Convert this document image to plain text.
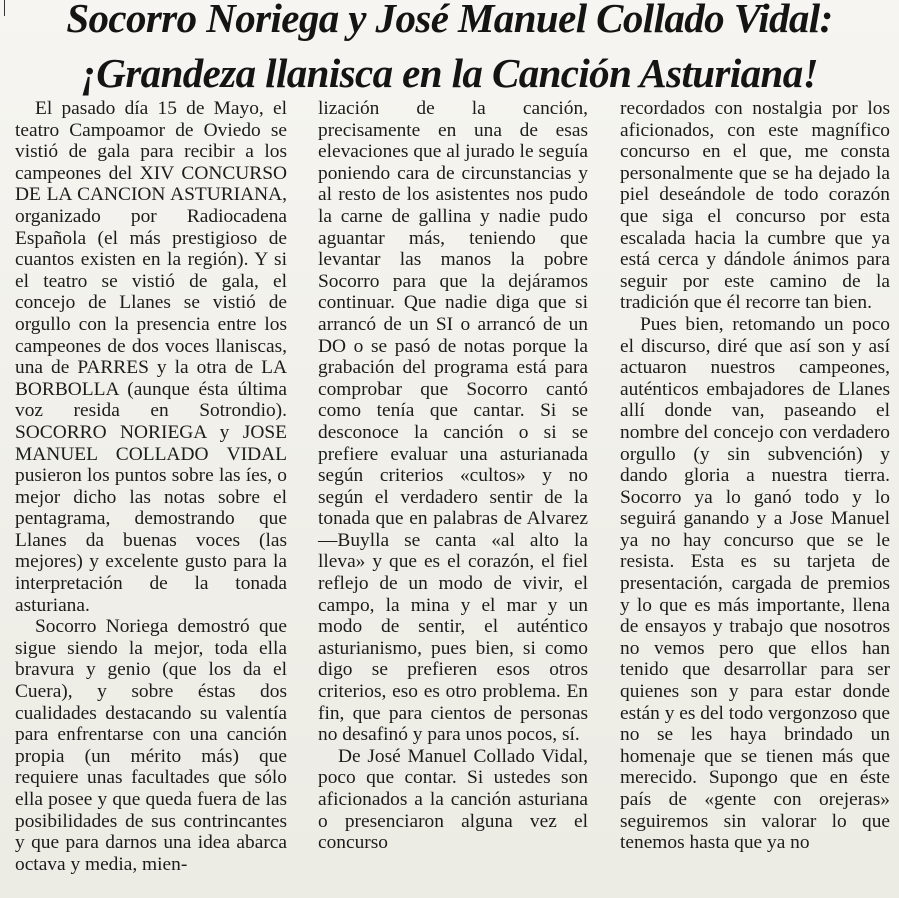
Socorro Noriega y José Manuel Collado Vidal:
¡Grandeza llanisca en la Canción Asturiana!

El pasado día 15 de Mayo, el teatro Campoamor de Oviedo se vistió de gala para recibir a los campeones del XIV CONCURSO DE LA CANCION ASTURIANA, organizado por Radiocadena Española (el más prestigioso de cuantos existen en la región). Y si el teatro se vistió de gala, el concejo de Llanes se vistió de orgullo con la presencia entre los campeones de dos voces llaniscas, una de PARRES y la otra de LA BORBOLLA (aunque ésta última voz resida en Sotrondio). SOCORRO NORIEGA y JOSE MANUEL COLLADO VIDAL pusieron los puntos sobre las íes, o mejor dicho las notas sobre el pentagrama, demostrando que Llanes da buenas voces (las mejores) y excelente gusto para la interpretación de la tonada asturiana.

Socorro Noriega demostró que sigue siendo la mejor, toda ella bravura y genio (que los da el Cuera), y sobre éstas dos cualidades destacando su valentía para enfrentarse con una canción propia (un mérito más) que requiere unas facultades que sólo ella posee y que queda fuera de las posibilidades de sus contrincantes y que para darnos una idea abarca octava y media, mien-

lización de la canción, precisamente en una de esas elevaciones que al jurado le seguía poniendo cara de circunstancias y al resto de los asistentes nos pudo la carne de gallina y nadie pudo aguantar más, teniendo que levantar las manos la pobre Socorro para que la dejáramos continuar. Que nadie diga que si arrancó de un SI o arrancó de un DO o se pasó de notas porque la grabación del programa está para comprobar que Socorro cantó como tenía que cantar. Si se desconoce la canción o si se prefiere evaluar una asturianada según criterios «cultos» y no según el verdadero sentir de la tonada que en palabras de Alvarez—Buylla se canta «al alto la lleva» y que es el corazón, el fiel reflejo de un modo de vivir, el campo, la mina y el mar y un modo de sentir, el auténtico asturianismo, pues bien, si como digo se prefieren esos otros criterios, eso es otro problema. En fin, que para cientos de personas no desafinó y para unos pocos, sí.

De José Manuel Collado Vidal, poco que contar. Si ustedes son aficionados a la canción asturiana o presenciaron alguna vez el concurso

recordados con nostalgia por los aficionados, con este magnífico concurso en el que, me consta personalmente que se ha dejado la piel deseándole de todo corazón que siga el concurso por esta escalada hacia la cumbre que ya está cerca y dándole ánimos para seguir por este camino de la tradición que él recorre tan bien.

Pues bien, retomando un poco el discurso, diré que así son y así actuaron nuestros campeones, auténticos embajadores de Llanes allí donde van, paseando el nombre del concejo con verdadero orgullo (y sin subvención) y dando gloria a nuestra tierra. Socorro ya lo ganó todo y lo seguirá ganando y a Jose Manuel ya no hay concurso que se le resista. Esta es su tarjeta de presentación, cargada de premios y lo que es más importante, llena de ensayos y trabajo que nosotros no vemos pero que ellos han tenido que desarrollar para ser quienes son y para estar donde están y es del todo vergonzoso que no se les haya brindado un homenaje que se tienen más que merecido. Supongo que en éste país de «gente con orejeras» seguiremos sin valorar lo que tenemos hasta que ya no
